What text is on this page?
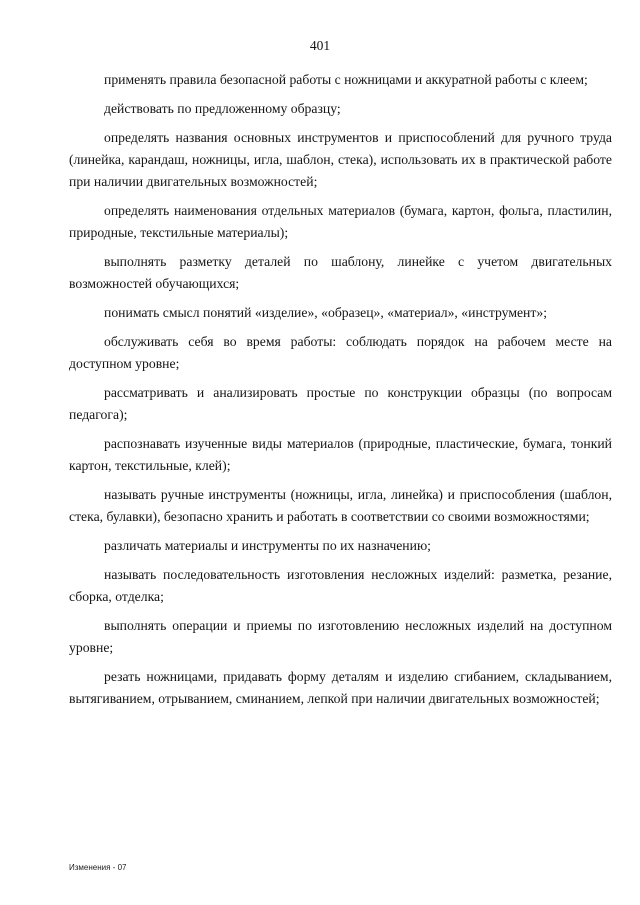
401

применять правила безопасной работы с ножницами и аккуратной работы с клеем;

действовать по предложенному образцу;

определять названия основных инструментов и приспособлений для ручного труда (линейка, карандаш, ножницы, игла, шаблон, стека), использовать их в практической работе при наличии двигательных возможностей;

определять наименования отдельных материалов (бумага, картон, фольга, пластилин, природные, текстильные материалы);

выполнять разметку деталей по шаблону, линейке с учетом двигательных возможностей обучающихся;

понимать смысл понятий «изделие», «образец», «материал», «инструмент»;

обслуживать себя во время работы: соблюдать порядок на рабочем месте на доступном уровне;

рассматривать и анализировать простые по конструкции образцы (по вопросам педагога);

распознавать изученные виды материалов (природные, пластические, бумага, тонкий картон, текстильные, клей);

называть ручные инструменты (ножницы, игла, линейка) и приспособления (шаблон, стека, булавки), безопасно хранить и работать в соответствии со своими возможностями;

различать материалы и инструменты по их назначению;

называть последовательность изготовления несложных изделий: разметка, резание, сборка, отделка;

выполнять операции и приемы по изготовлению несложных изделий на доступном уровне;

резать ножницами, придавать форму деталям и изделию сгибанием, складыванием, вытягиванием, отрыванием, сминанием, лепкой при наличии двигательных возможностей;

Изменения - 07
